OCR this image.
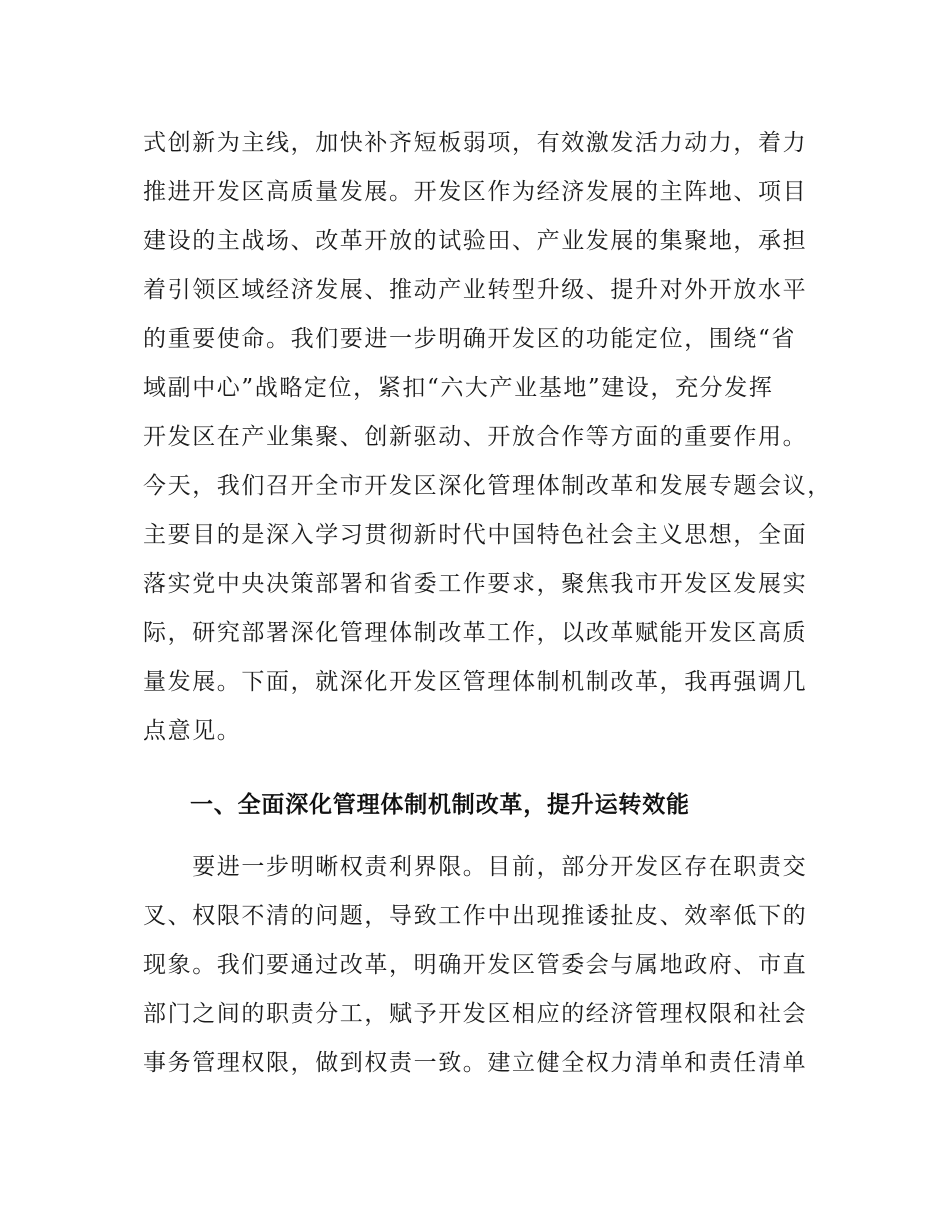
式创新为主线，加快补齐短板弱项，有效激发活力动力，着力
推进开发区高质量发展。开发区作为经济发展的主阵地、项目
建设的主战场、改革开放的试验田、产业发展的集聚地，承担
着引领区域经济发展、推动产业转型升级、提升对外开放水平
的重要使命。我们要进一步明确开发区的功能定位，围绕“省
域副中心”战略定位，紧扣“六大产业基地”建设，充分发挥
开发区在产业集聚、创新驱动、开放合作等方面的重要作用。
今天，我们召开全市开发区深化管理体制改革和发展专题会议，
主要目的是深入学习贯彻新时代中国特色社会主义思想，全面
落实党中央决策部署和省委工作要求，聚焦我市开发区发展实
际，研究部署深化管理体制改革工作，以改革赋能开发区高质
量发展。下面，就深化开发区管理体制机制改革，我再强调几
点意见。
一、全面深化管理体制机制改革，提升运转效能
　　要进一步明晰权责利界限。目前，部分开发区存在职责交
叉、权限不清的问题，导致工作中出现推诿扯皮、效率低下的
现象。我们要通过改革，明确开发区管委会与属地政府、市直
部门之间的职责分工，赋予开发区相应的经济管理权限和社会
事务管理权限，做到权责一致。建立健全权力清单和责任清单
